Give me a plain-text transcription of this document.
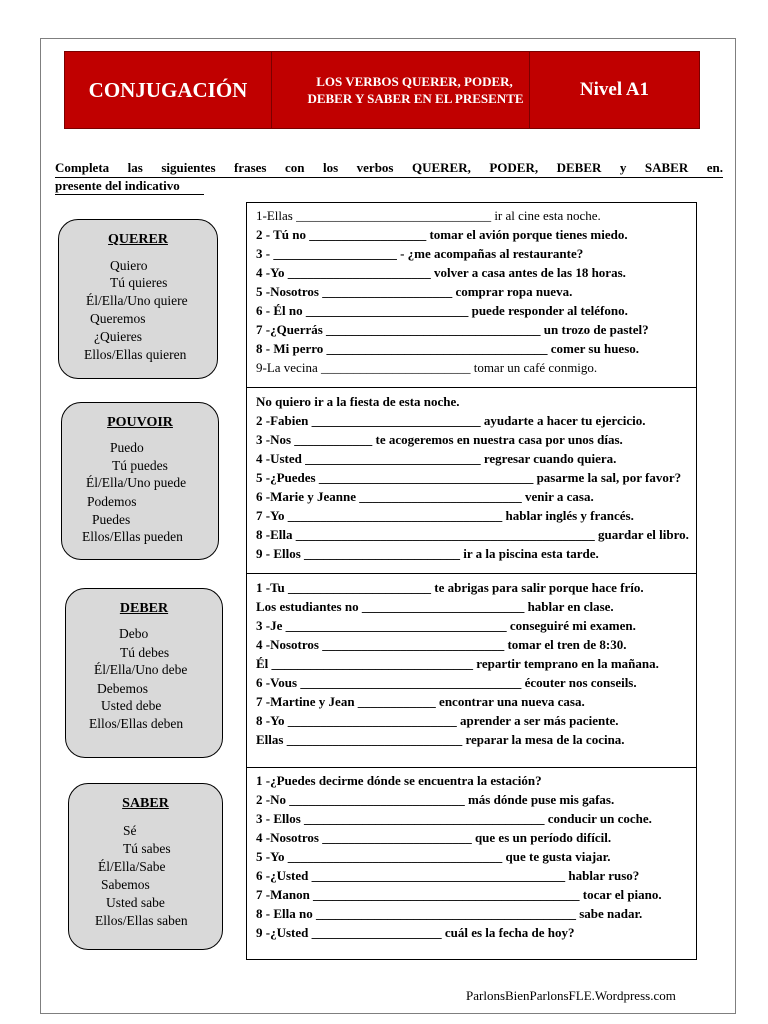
CONJUGACIÓN	LOS VERBOS QUERER, PODER,
DEBER Y SABER EN EL PRESENTE	Nivel A1
Completa las siguientes frases con los verbos QUERER, PODER, DEBER y SABER en.
presente del indicativo
QUERER
Quiero
Tú quieres
Él/Ella/Uno quiere
Queremos
¿Quieres
Ellos/Ellas quieren
POUVOIR
Puedo
Tú puedes
Él/Ella/Uno puede
Podemos
Puedes
Ellos/Ellas pueden
DEBER
Debo
Tú debes
Él/Ella/Uno debe
Debemos
Usted debe
Ellos/Ellas deben
SABER
Sé
Tú sabes
Él/Ella/Sabe
Sabemos
Usted sabe
Ellos/Ellas saben
1-Ellas ______________________________ ir al cine esta noche.
2 - Tú no __________________ tomar el avión porque tienes miedo.
3 - ___________________ - ¿me acompañas al restaurante?
4 -Yo ______________________ volver a casa antes de las 18 horas.
5 -Nosotros ____________________ comprar ropa nueva.
6 - Él no _________________________ puede responder al teléfono.
7 -¿Querrás _________________________________ un trozo de pastel?
8 - Mi perro __________________________________ comer su hueso.
9-La vecina _______________________ tomar un café conmigo.
No quiero ir a la fiesta de esta noche.
2 -Fabien __________________________ ayudarte a hacer tu ejercicio.
3 -Nos ____________ te acogeremos en nuestra casa por unos días.
4 -Usted ___________________________ regresar cuando quiera.
5 -¿Puedes _________________________________ pasarme la sal, por favor?
6 -Marie y Jeanne _________________________ venir a casa.
7 -Yo _________________________________ hablar inglés y francés.
8 -Ella ______________________________________________ guardar el libro.
9 - Ellos ________________________ ir a la piscina esta tarde.
1 -Tu ______________________ te abrigas para salir porque hace frío.
Los estudiantes no _________________________ hablar en clase.
3 -Je __________________________________ conseguiré mi examen.
4 -Nosotros ____________________________ tomar el tren de 8:30.
Él _______________________________ repartir temprano en la mañana.
6 -Vous __________________________________ écouter nos conseils.
7 -Martine y Jean ____________ encontrar una nueva casa.
8 -Yo __________________________ aprender a ser más paciente.
Ellas ___________________________ reparar la mesa de la cocina.
1 -¿Puedes decirme dónde se encuentra la estación?
2 -No ___________________________ más dónde puse mis gafas.
3 - Ellos _____________________________________ conducir un coche.
4 -Nosotros _______________________ que es un período difícil.
5 -Yo _________________________________ que te gusta viajar.
6 -¿Usted _______________________________________ hablar ruso?
7 -Manon _________________________________________ tocar el piano.
8 - Ella no ________________________________________ sabe nadar.
9 -¿Usted ____________________ cuál es la fecha de hoy?
ParlonsBienParlonsFLE.Wordpress.com
